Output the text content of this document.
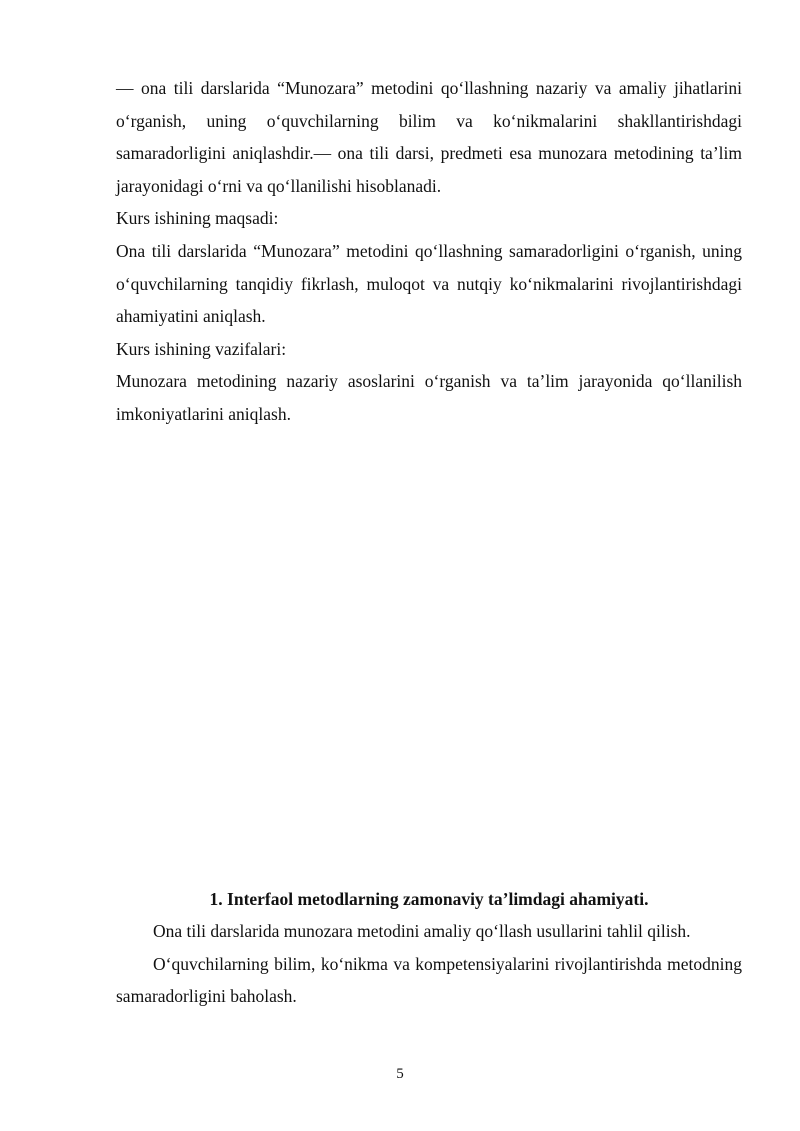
— ona tili darslarida “Munozara” metodini qo‘llashning nazariy va amaliy jihatlarini o‘rganish, uning o‘quvchilarning bilim va ko‘nikmalarini shakllantirishdagi samaradorligini aniqlashdir.— ona tili darsi, predmeti esa munozara metodining ta’lim jarayonidagi o‘rni va qo‘llanilishi hisoblanadi.

Kurs ishining maqsadi:

Ona tili darslarida “Munozara” metodini qo‘llashning samaradorligini o‘rganish, uning o‘quvchilarning tanqidiy fikrlash, muloqot va nutqiy ko‘nikmalarini rivojlantirishdagi ahamiyatini aniqlash.

Kurs ishining vazifalari:

Munozara metodining nazariy asoslarini o‘rganish va ta’lim jarayonida qo‘llanilish imkoniyatlarini aniqlash.

1. Interfaol metodlarning zamonaviy ta’limdagi ahamiyati.

Ona tili darslarida munozara metodini amaliy qo‘llash usullarini tahlil qilish.

O‘quvchilarning bilim, ko‘nikma va kompetensiyalarini rivojlantirishda metodning samaradorligini baholash.

5
